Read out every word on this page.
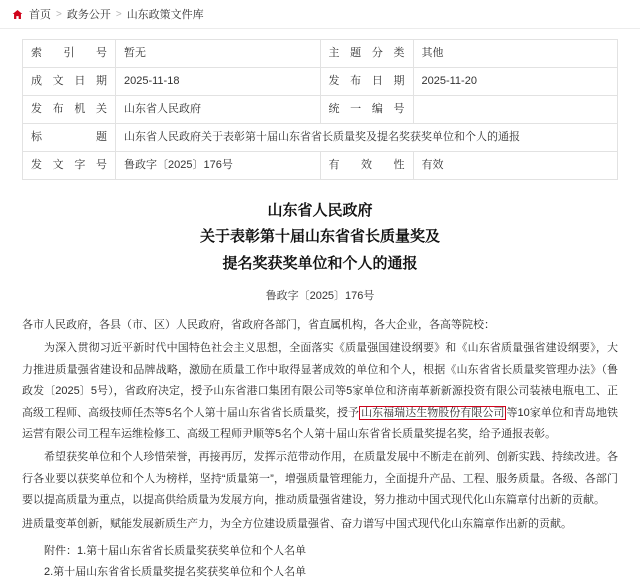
首页 > 政务公开 > 山东政策文件库
索 引 号	暂无	主题分类	其他

成文日期	2025-11-18	发布日期	2025-11-20

发布机关	山东省人民政府	统一编号	

标 题	山东省人民政府关于表彰第十届山东省省长质量奖及提名奖获奖单位和个人的通报		

发文字号	鲁政字〔2025〕176号	有 效 性	有效
山东省人民政府
关于表彰第十届山东省省长质量奖及
提名奖获奖单位和个人的通报
鲁政字〔2025〕176号

各市人民政府，各县（市、区）人民政府，省政府各部门，省直属机构，各大企业，各高等院校：

为深入贯彻习近平新时代中国特色社会主义思想，全面落实《质量强国建设纲要》和《山东省质量强省建设纲要》，大力推进质量强省建设和品牌战略，激励在质量工作中取得显著成效的单位和个人，根据《山东省省长质量奖管理办法》（鲁政发〔2025〕5号），省政府决定，授予山东省港口集团有限公司等5家单位和济南革新新源投资有限公司装裱电瓶电工、正高级工程师、高级技师任杰等5名个人第十届山东省省长质量奖，授予 山东福瑞达生物股份有限公司 等10家单位和青岛地铁运营有限公司工程车运维检修工、高级工程师尹顺等5名个人第十届山东省省长质量奖提名奖，给予通报表彰。

希望获奖单位和个人珍惜荣誉，再接再厉，发挥示范带动作用，在质量发展中不断走在前列、创新实践、持续改进。各行各业要以获奖单位和个人为榜样，坚持“质量第一”，增强质量管理能力，全面提升产品、工程、服务质量。各级、各部门要以提高质量为重点，以提高供给质量为发展方向，推动质量强省建设，努力推动中国式现代化山东篇章付出新的贡献。

进质量变革创新，赋能发展新质生产力，为全方位建设质量强省、奋力谱写中国式现代化山东篇章作出新的贡献。

附件：1.第十届山东省省长质量奖获奖单位和个人名单
2.第十届山东省省长质量奖提名奖获奖单位和个人名单
